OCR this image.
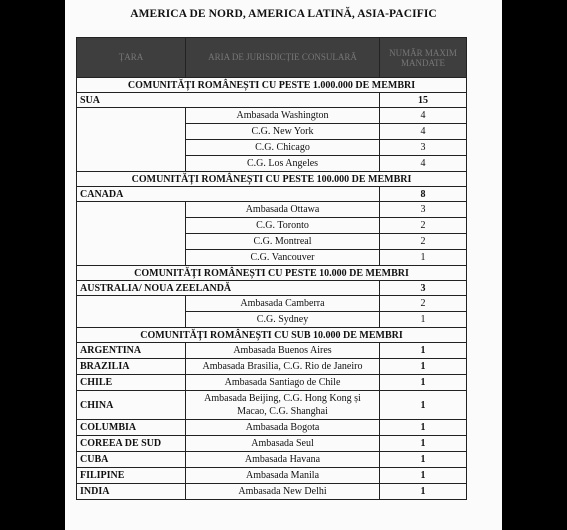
AMERICA DE NORD, AMERICA LATINĂ, ASIA-PACIFIC
ȚARA	ARIA DE JURISDICȚIE CONSULARĂ	NUMĂR MAXIM MANDATE
COMUNITĂȚI ROMÂNEȘTI CU PESTE 1.000.000 DE MEMBRI		
SUA		15
	Ambasada Washington	4
	C.G. New York	4
	C.G. Chicago	3
	C.G. Los Angeles	4
COMUNITĂȚI ROMÂNEȘTI CU PESTE 100.000 DE MEMBRI		
CANADA		8
	Ambasada Ottawa	3
	C.G. Toronto	2
	C.G. Montreal	2
	C.G. Vancouver	1
COMUNITĂȚI ROMÂNEȘTI CU PESTE 10.000 DE MEMBRI		
AUSTRALIA/ NOUA ZEELANDĂ		3
	Ambasada Camberra	2
	C.G. Sydney	1
COMUNITĂȚI ROMÂNEȘTI CU SUB 10.000 DE MEMBRI		
ARGENTINA	Ambasada Buenos Aires	1
BRAZILIA	Ambasada Brasilia, C.G. Rio de Janeiro	1
CHILE	Ambasada Santiago de Chile	1
CHINA	Ambasada Beijing, C.G. Hong Kong și Macao, C.G. Shanghai	1
COLUMBIA	Ambasada Bogota	1
COREEA DE SUD	Ambasada Seul	1
CUBA	Ambasada Havana	1
FILIPINE	Ambasada Manila	1
INDIA	Ambasada New Delhi	1
